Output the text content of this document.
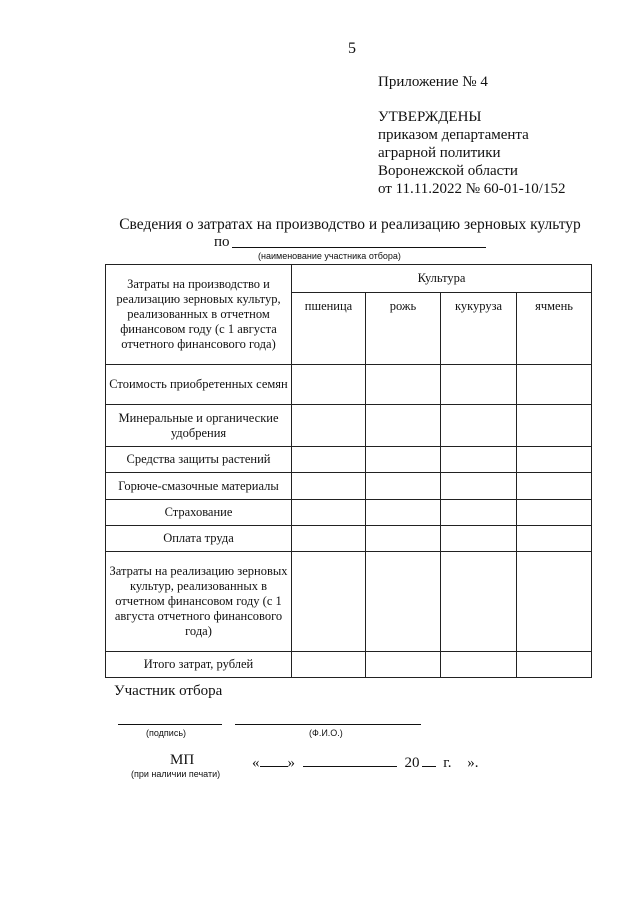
5
Приложение № 4
УТВЕРЖДЕНЫ
приказом департамента
аграрной политики
Воронежской области
от 11.11.2022 № 60-01-10/152
Сведения о затратах на производство и реализацию зерновых культур
по
(наименование участника отбора)
Затраты на производство и реализацию зерновых культур, реализованных в отчетном финансовом году (с 1 августа отчетного финансового года)	Культура			
	пшеница	рожь	кукуруза	ячмень
Стоимость приобретенных семян				
Минеральные и органические удобрения				
Средства защиты растений				
Горюче-смазочные материалы				
Страхование				
Оплата труда				
Затраты на реализацию зерновых культур, реализованных в отчетном финансовом году (с 1 августа отчетного финансового года)				
Итого затрат, рублей				
Участник отбора
(подпись)	(Ф.И.О.)
МП
(при наличии печати)
« »	20 г. ».
